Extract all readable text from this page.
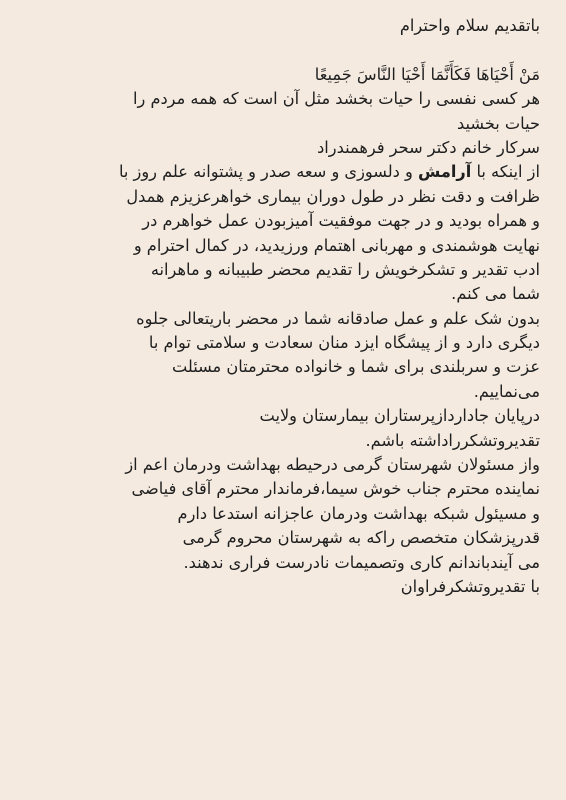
باتقدیم سلام واحترام
مَنْ أَحْيَاهَا فَكَأَنَّمَا أَحْيَا النَّاسَ جَمِيعًا
هر کسی نفسی را حیات بخشد مثل آن است که همه مردم را
حیات بخشید
سرکار خانم دکتر سحر فرهمندراد
از اینکه با آرامش و دلسوزی و سعه صدر و پشتوانه علم روز با
ظرافت و دقت نظر در طول دوران بیماری خواهرعزیزم همدل
و همراه بودید و در جهت موفقیت آمیزبودن عمل خواهرم در
نهایت هوشمندی و مهربانی اهتمام ورزیدید، در کمال احترام و
ادب تقدیر و تشکرخویش را تقدیم محضر طبیبانه و ماهرانه
شما می کنم.
بدون شک علم و عمل صادقانه شما در محضر باریتعالی جلوه
دیگری دارد و از پیشگاه ایزد منان سعادت و سلامتی توام با
عزت و سربلندی برای شما و خانواده محترمتان مسئلت
می‌نماییم.
درپایان جادارداز‌پرستاران بیمارستان ولایت
تقدیروتشکرراداشته باشم.
واز مسئولان شهرستان گرمی درحیطه بهداشت ودرمان اعم از
نماینده محترم جناب خوش سیما،فرماندار محترم آقای فیاضی
و مسیئول شبکه بهداشت ودرمان عاجزانه استدعا دارم
قدرپزشکان متخصص راکه به شهرستان محروم گرمی
می آیندباندانم کاری وتصمیمات نادرست فراری ندهند.
با تقدیروتشکرفراوان
